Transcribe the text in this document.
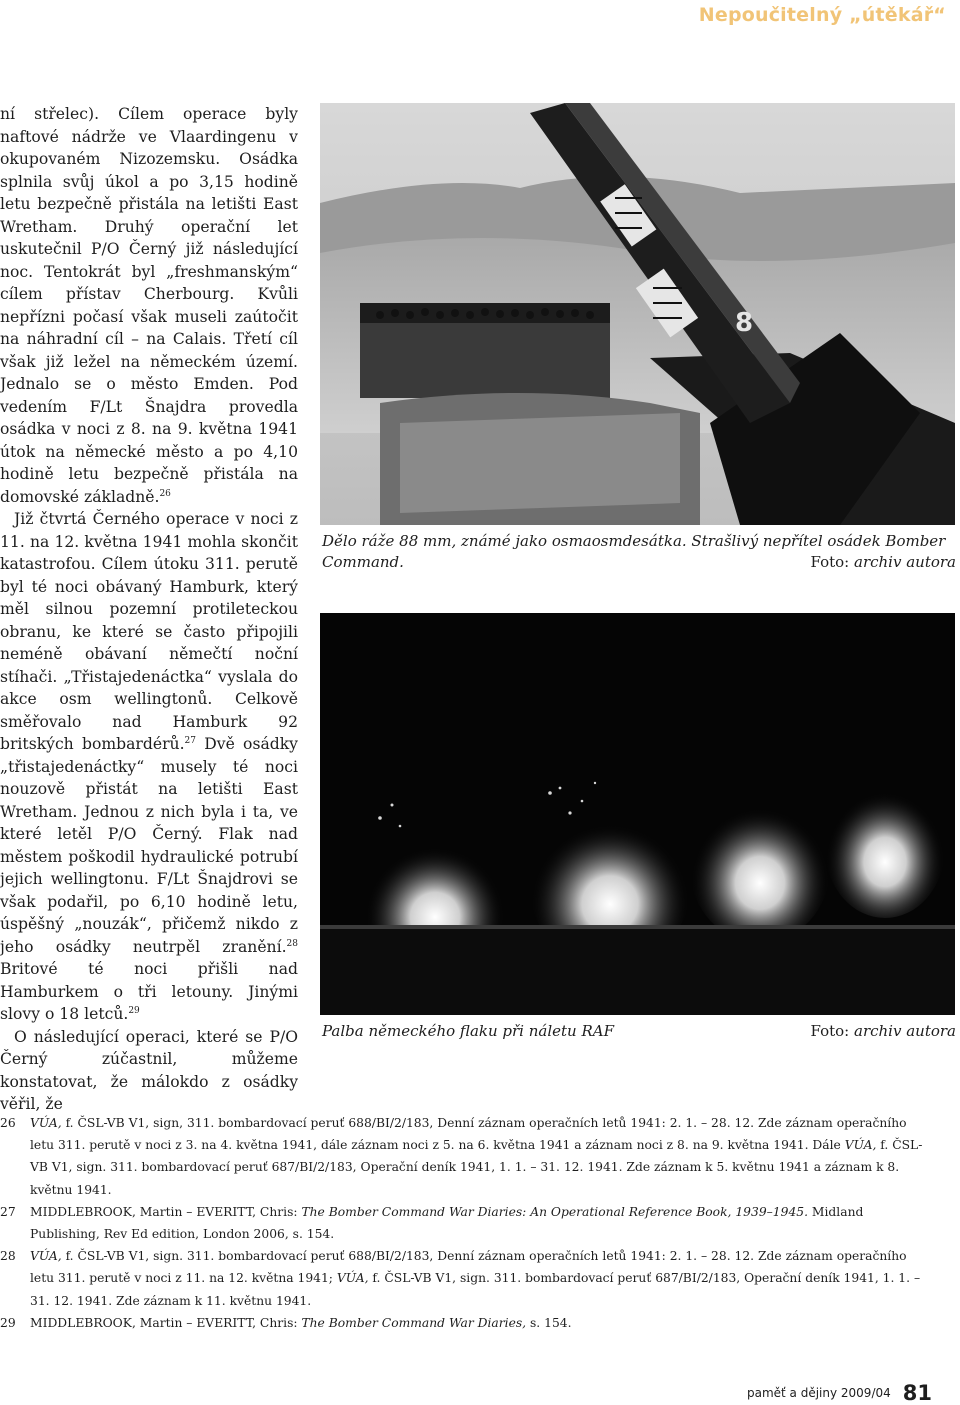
Nepoučitelný „útěkář“

ní střelec). Cílem operace byly naftové nádrže ve Vlaardingenu v okupovaném Nizozemsku. Osádka splnila svůj úkol a po 3,15 hodině letu bezpečně přistála na letišti East Wretham. Druhý operační let uskutečnil P/O Černý již následující noc. Tentokrát byl „freshmanským“ cílem přístav Cherbourg. Kvůli nepřízni počasí však museli zaútočit na náhradní cíl – na Calais. Třetí cíl však již ležel na německém území. Jednalo se o město Emden. Pod vedením F/Lt Šnajdra provedla osádka v noci z 8. na 9. května 1941 útok na německé město a po 4,10 hodině letu bezpečně přistála na domovské základně.$^{26}$

Již čtvrtá Černého operace v noci z 11. na 12. května 1941 mohla skončit katastrofou. Cílem útoku 311. perutě byl té noci obávaný Hamburk, který měl silnou pozemní protileteckou obranu, ke které se často připojili neméně obávaní němečtí noční stíhači. „Třistajedenáctka“ vyslala do akce osm wellingtonů. Celkově směřovalo nad Hamburk 92 britských bombardérů.$^{27}$ Dvě osádky „třistajedenáctky“ musely té noci nouzově přistát na letišti East Wretham. Jednou z nich byla i ta, ve které letěl P/O Černý. Flak nad městem poškodil hydraulické potrubí jejich wellingtonu. F/Lt Šnajdrovi se však podařil, po 6,10 hodině letu, úspěšný „nouzák“, přičemž nikdo z jeho osádky neutrpěl zranění.$^{28}$ Britové té noci přišli nad Hamburkem o tři letouny. Jinými slovy o 18 letců.$^{29}$

O následující operaci, které se P/O Černý zúčastnil, můžeme konstatovat, že málokdo z osádky věřil, že

8
Dělo ráže 88 mm, známé jako osmaosmdesátka. Strašlivý nepřítel osádek Bomber Command.	Foto: archiv autora
Palba německého flaku při náletu RAF	Foto: archiv autora
26 VÚA, f. ČSL-VB V1, sign, 311. bombardovací peruť 688/BI/2/183, Denní záznam operačních letů 1941: 2. 1. – 28. 12. Zde záznam operačního letu 311. perutě v noci z 3. na 4. května 1941, dále záznam noci z 5. na 6. května 1941 a záznam noci z 8. na 9. května 1941. Dále VÚA, f. ČSL-VB V1, sign. 311. bombardovací peruť 687/BI/2/183, Operační deník 1941, 1. 1. – 31. 12. 1941. Zde záznam k 5. květnu 1941 a záznam k 8. květnu 1941.
27 MIDDLEBROOK, Martin – EVERITT, Chris: The Bomber Command War Diaries: An Operational Reference Book, 1939–1945. Midland Publishing, Rev Ed edition, London 2006, s. 154.
28 VÚA, f. ČSL-VB V1, sign. 311. bombardovací peruť 688/BI/2/183, Denní záznam operačních letů 1941: 2. 1. – 28. 12. Zde záznam operačního letu 311. perutě v noci z 11. na 12. května 1941; VÚA, f. ČSL-VB V1, sign. 311. bombardovací peruť 687/BI/2/183, Operační deník 1941, 1. 1. – 31. 12. 1941. Zde záznam k 11. květnu 1941.
29 MIDDLEBROOK, Martin – EVERITT, Chris: The Bomber Command War Diaries, s. 154.
paměť a dějiny 2009/04 81
